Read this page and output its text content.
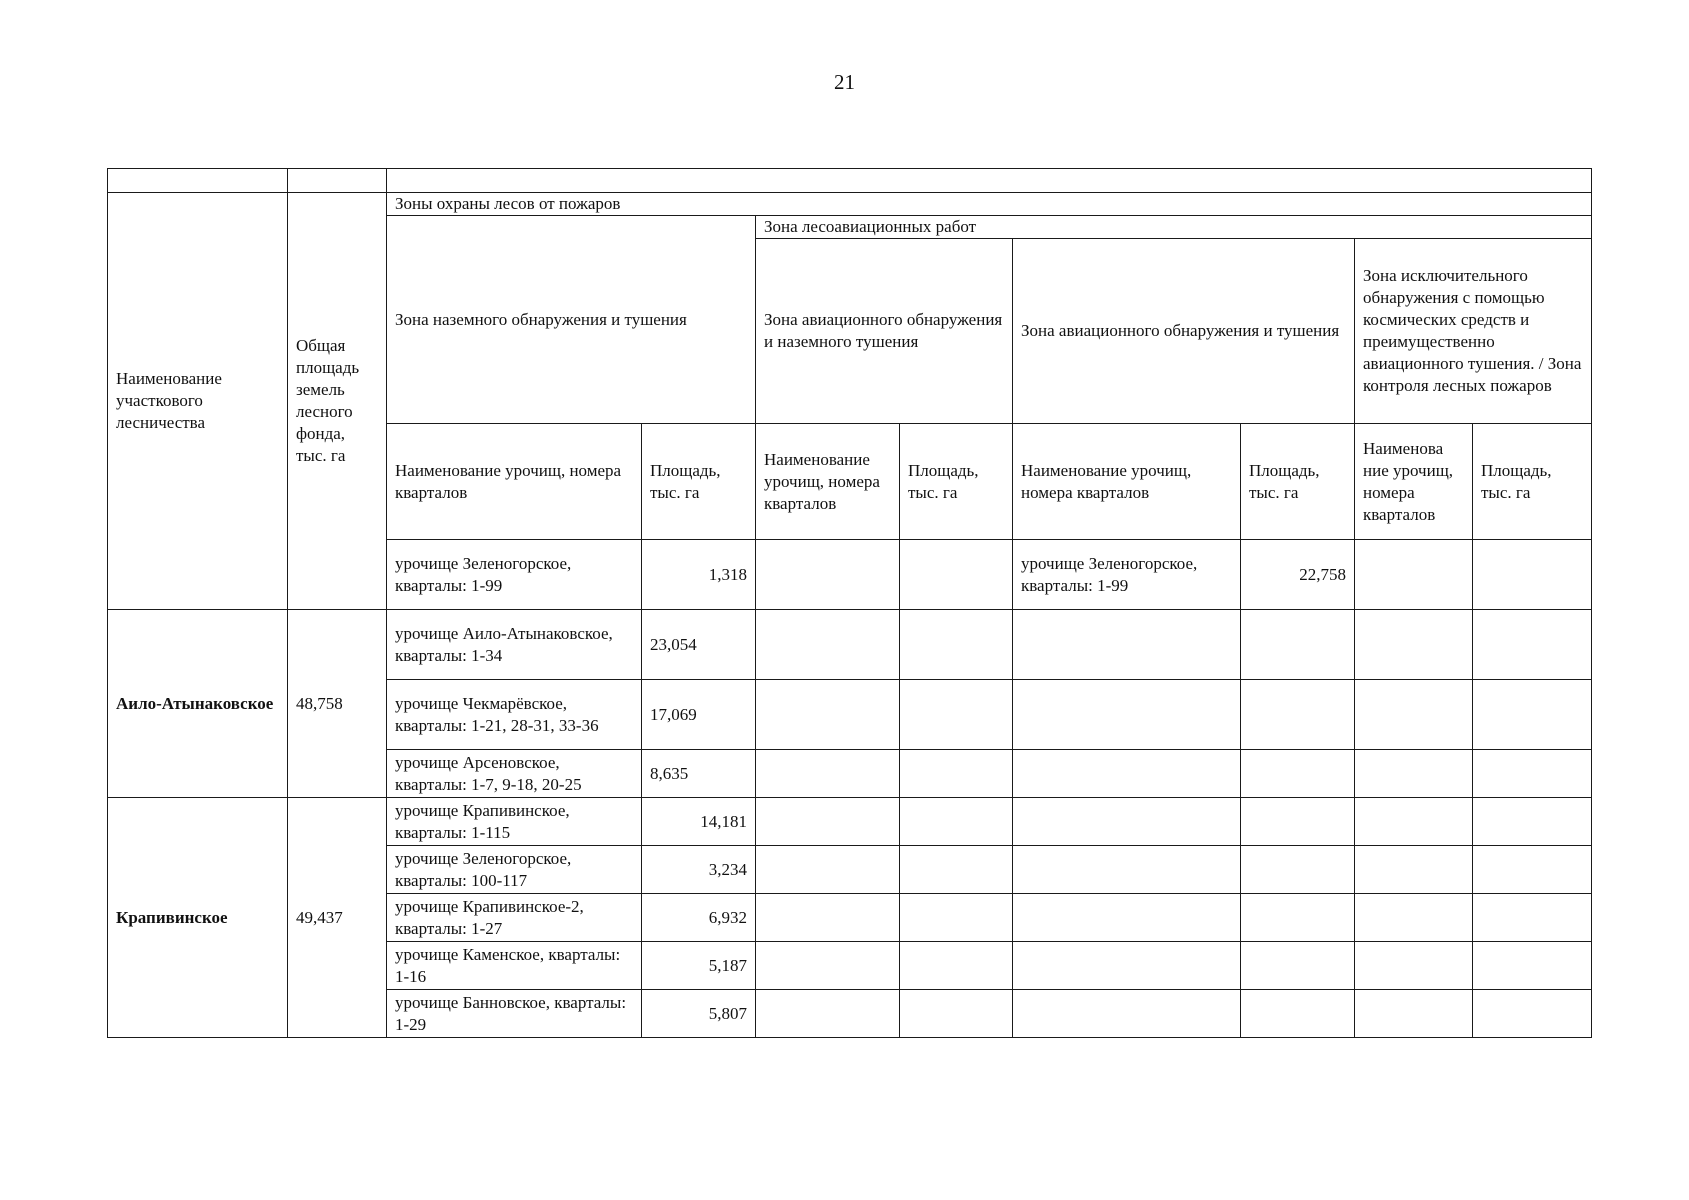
21

Наименование участкового лесничества	Общая площадь земель лесного фонда, тыс. га	Зоны охраны лесов от пожаров							
		Зона наземного обнаружения и тушения		Зона лесоавиационных работ					
				Зона авиационного обнаружения и наземного тушения		Зона авиационного обнаружения и тушения		Зона исключительного обнаружения с помощью космических средств и преимущественно авиационного тушения. / Зона контроля лесных пожаров	
		Наименование урочищ, номера кварталов	Площадь, тыс. га	Наименование урочищ, номера кварталов	Площадь, тыс. га	Наименование урочищ, номера кварталов	Площадь, тыс. га	Наименова ние урочищ, номера кварталов	Площадь, тыс. га
		урочище Зеленогорское, кварталы: 1-99	1,318			урочище Зеленогорское, кварталы: 1-99	22,758		
Аило-Атынаковское	48,758	урочище Аило-Атынаковское, кварталы: 1-34	23,054						
		урочище Чекмарёвское, кварталы: 1-21, 28-31, 33-36	17,069						
		урочище Арсеновское, кварталы: 1-7, 9-18, 20-25	8,635						
Крапивинское	49,437	урочище Крапивинское, кварталы: 1-115	14,181						
		урочище Зеленогорское, кварталы: 100-117	3,234						
		урочище Крапивинское-2, кварталы: 1-27	6,932						
		урочище Каменское, кварталы: 1-16	5,187						
		урочище Банновское, кварталы: 1-29	5,807						
